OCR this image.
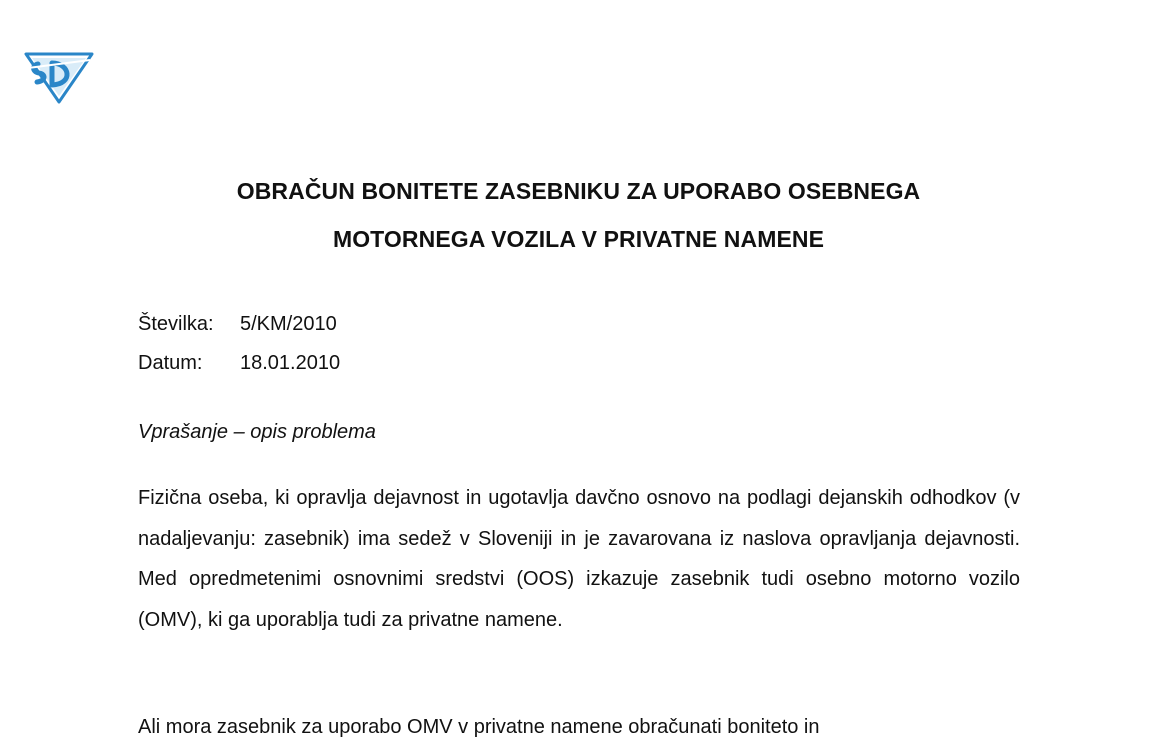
OBRAČUN BONITETE ZASEBNIKU ZA UPORABO OSEBNEGA
MOTORNEGA VOZILA V PRIVATNE NAMENE
Številka:	5/KM/2010
Datum:	18.01.2010
Vprašanje – opis problema

Fizična oseba, ki opravlja dejavnost in ugotavlja davčno osnovo na podlagi dejanskih odhodkov (v nadaljevanju: zasebnik) ima sedež v Sloveniji in je zavarovana iz naslova opravljanja dejavnosti. Med opredmetenimi osnovnimi sredstvi (OOS) izkazuje zasebnik tudi osebno motorno vozilo (OMV), ki ga uporablja tudi za privatne namene.

Ali mora zasebnik za uporabo OMV v privatne namene obračunati boniteto in
